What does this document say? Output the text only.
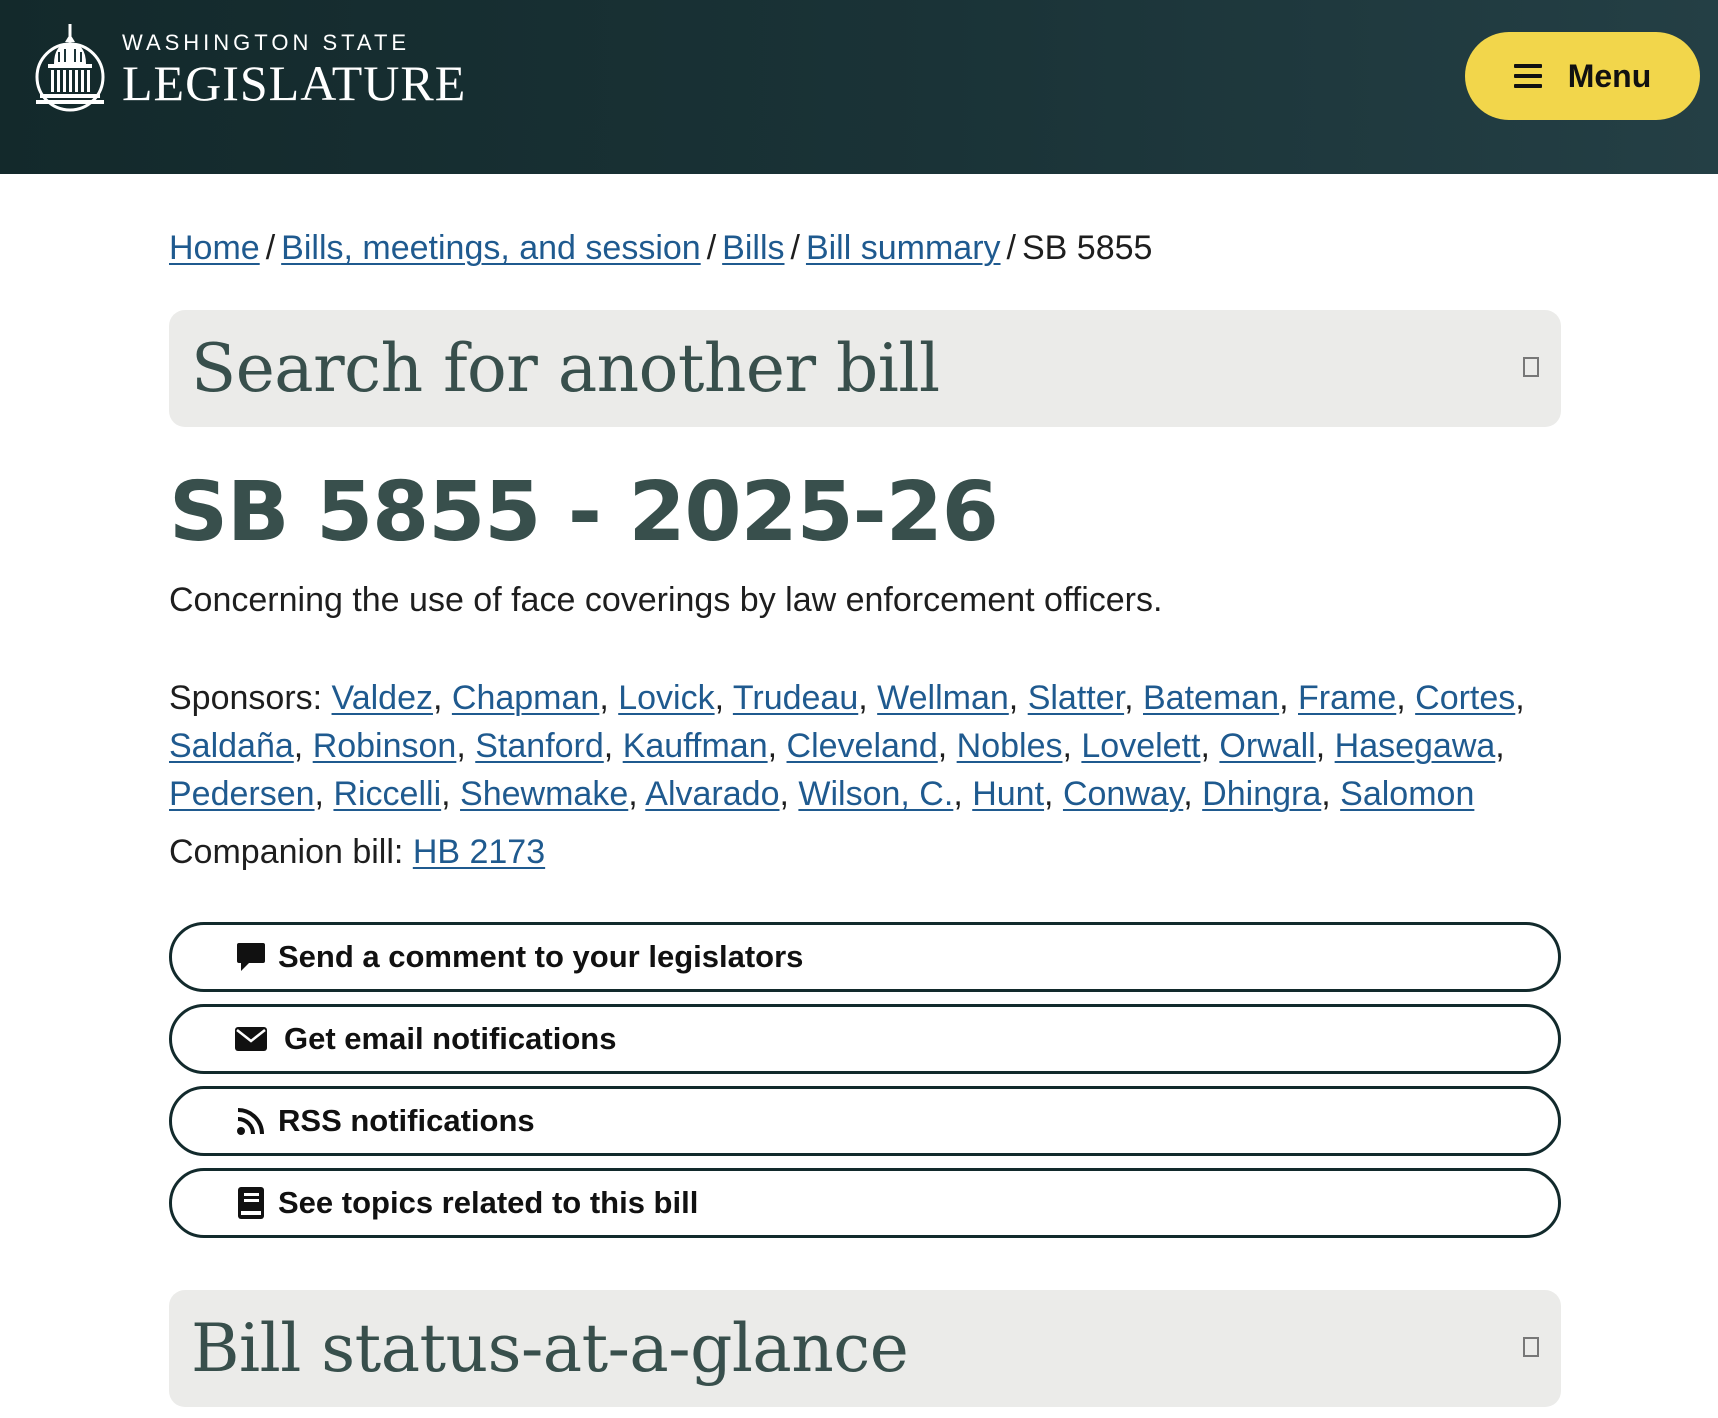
WASHINGTON STATE
LEGISLATURE	Menu
Home / Bills, meetings, and session / Bills / Bill summary / SB 5855
Search for another bill
SB 5855 - 2025-26
Concerning the use of face coverings by law enforcement officers.
Sponsors: Valdez, Chapman, Lovick, Trudeau, Wellman, Slatter, Bateman, Frame, Cortes,
Saldaña, Robinson, Stanford, Kauffman, Cleveland, Nobles, Lovelett, Orwall, Hasegawa,
Pedersen, Riccelli, Shewmake, Alvarado, Wilson, C., Hunt, Conway, Dhingra, Salomon
Companion bill: HB 2173
Send a comment to your legislators
Get email notifications
RSS notifications
See topics related to this bill
Bill status-at-a-glance
